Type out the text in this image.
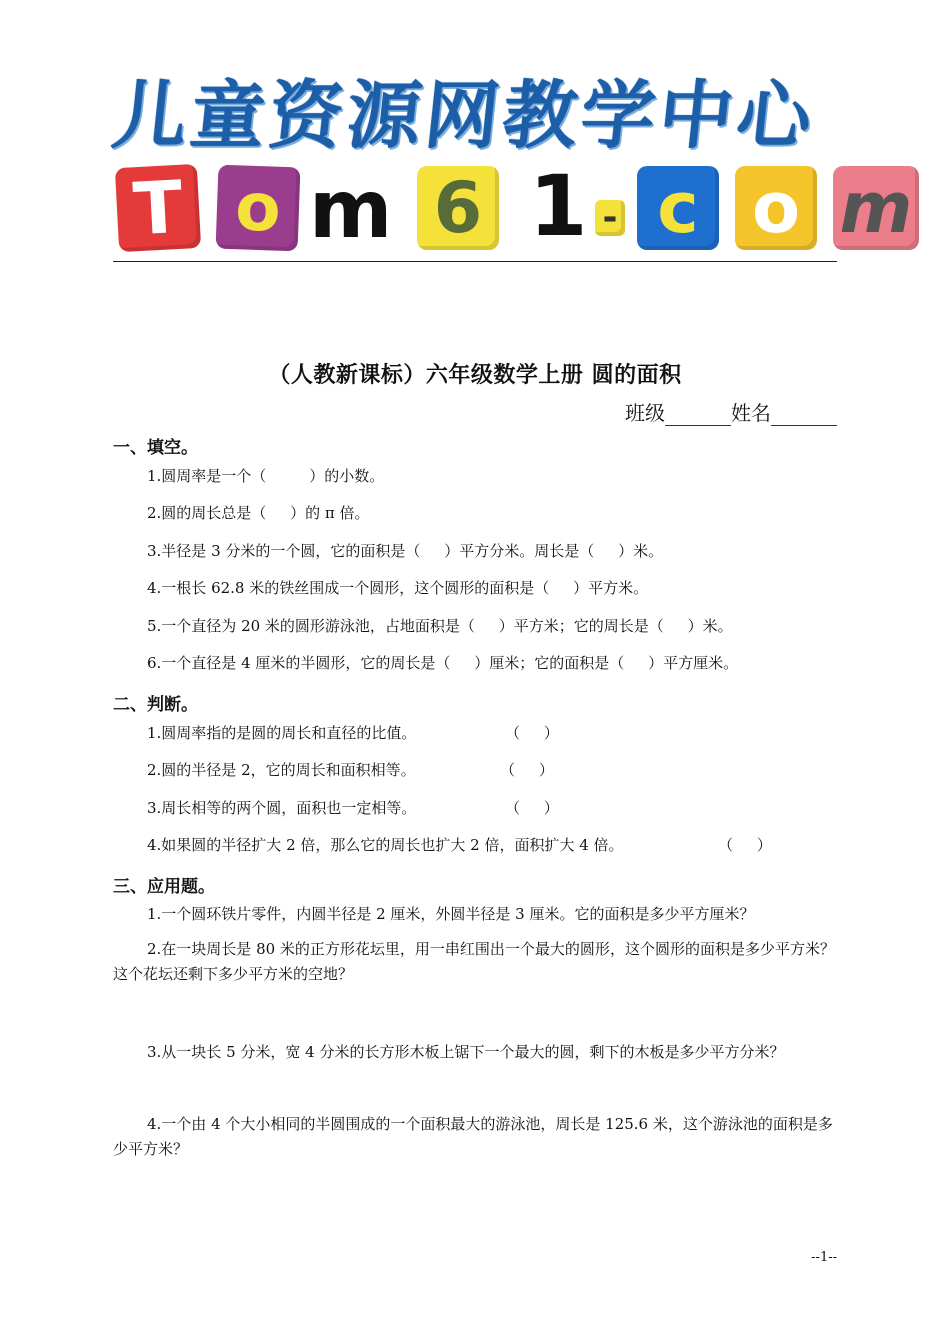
儿
童
资
源
网
教
学
中
心
T o m 6 1 - c o m
（人教新课标）六年级数学上册 圆的面积
班级	姓名
一、填空。
1.圆周率是一个（         ）的小数。
2.圆的周长总是（     ）的 π 倍。
3.半径是 3 分米的一个圆，它的面积是（     ）平方分米。周长是（     ）米。
4.一根长 62.8 米的铁丝围成一个圆形，这个圆形的面积是（     ）平方米。
5.一个直径为 20 米的圆形游泳池，占地面积是（     ）平方米；它的周长是（     ）米。
6.一个直径是 4 厘米的半圆形，它的周长是（     ）厘米；它的面积是（     ）平方厘米。
二、判断。
1.圆周率指的是圆的周长和直径的比值。	（     ）
2.圆的半径是 2，它的周长和面积相等。	（     ）
3.周长相等的两个圆，面积也一定相等。	（     ）
4.如果圆的半径扩大 2 倍，那么它的周长也扩大 2 倍，面积扩大 4 倍。	（     ）
三、应用题。
1.一个圆环铁片零件，内圆半径是 2 厘米，外圆半径是 3 厘米。它的面积是多少平方厘米？
2.在一块周长是 80 米的正方形花坛里，用一串红围出一个最大的圆形，这个圆形的面积是多少平方米？这个花坛还剩下多少平方米的空地？
3.从一块长 5 分米，宽 4 分米的长方形木板上锯下一个最大的圆，剩下的木板是多少平方分米？
4.一个由 4 个大小相同的半圆围成的一个面积最大的游泳池，周长是 125.6 米，这个游泳池的面积是多少平方米？
--1--
